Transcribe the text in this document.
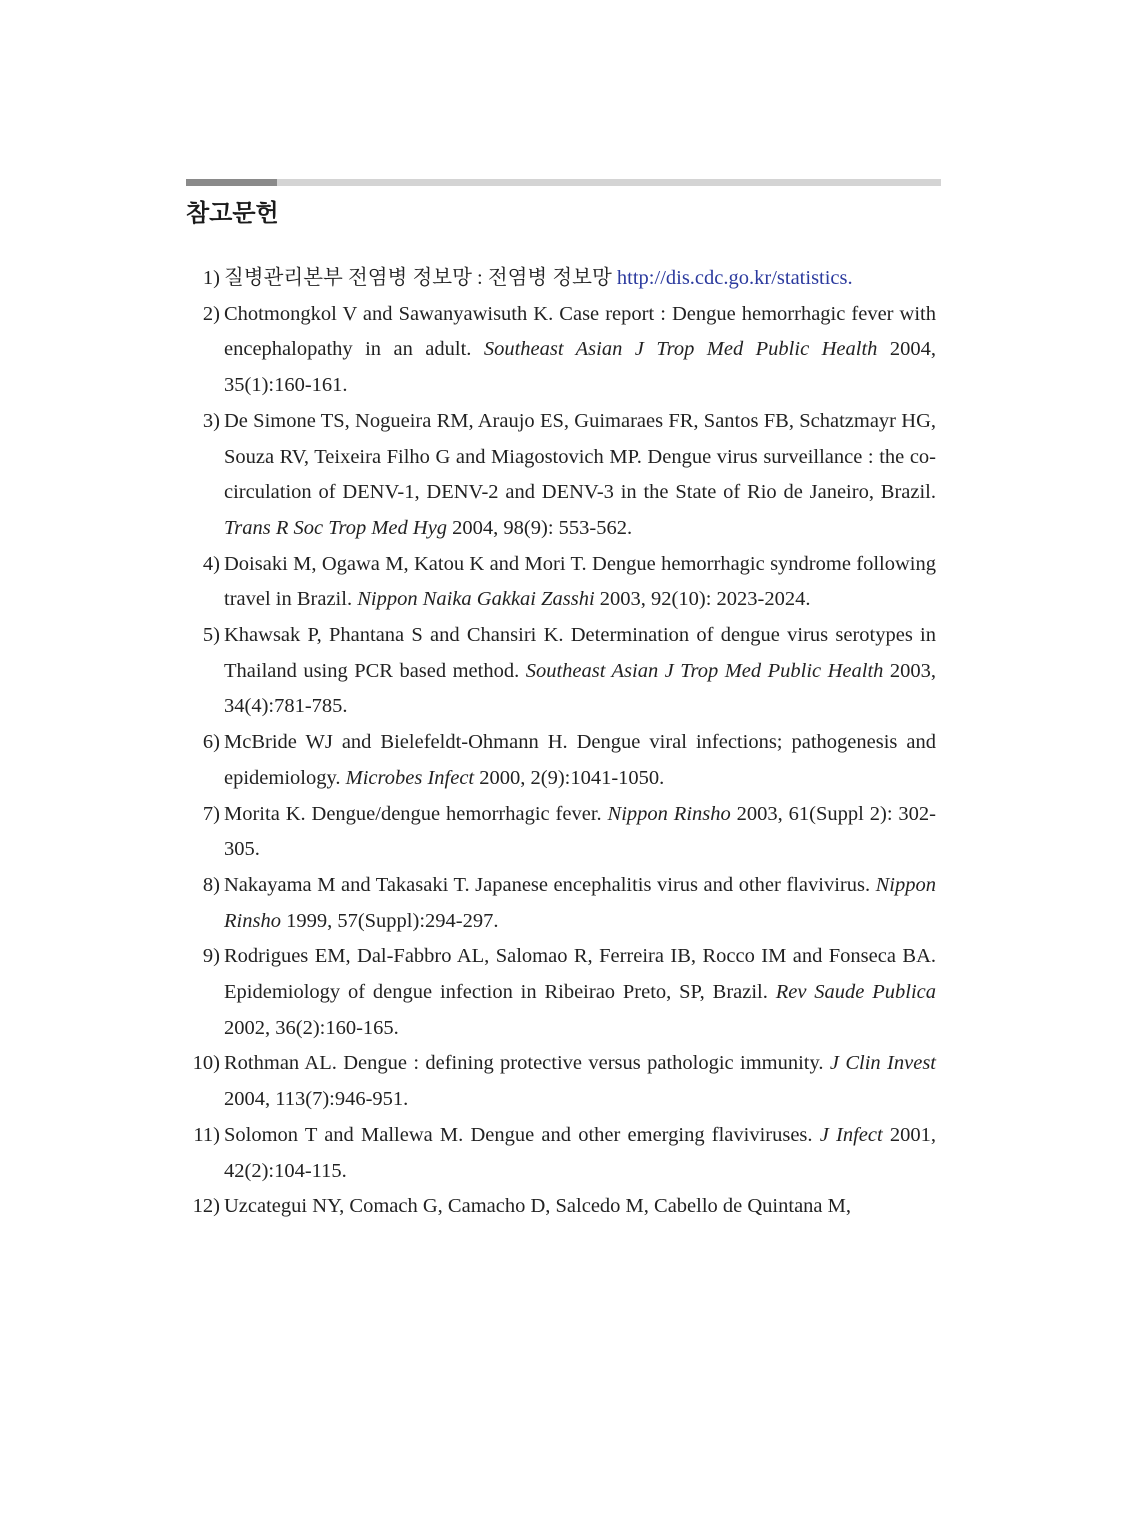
참고문헌
1) 질병관리본부 전염병 정보망 : 전염병 정보망 http://dis.cdc.go.kr/statistics.
2) Chotmongkol V and Sawanyawisuth K. Case report : Dengue hemorrhagic fever with encephalopathy in an adult. Southeast Asian J Trop Med Public Health 2004, 35(1):160-161.
3) De Simone TS, Nogueira RM, Araujo ES, Guimaraes FR, Santos FB, Schatzmayr HG, Souza RV, Teixeira Filho G and Miagostovich MP. Dengue virus surveillance : the co-circulation of DENV-1, DENV-2 and DENV-3 in the State of Rio de Janeiro, Brazil. Trans R Soc Trop Med Hyg 2004, 98(9): 553-562.
4) Doisaki M, Ogawa M, Katou K and Mori T. Dengue hemorrhagic syndrome following travel in Brazil. Nippon Naika Gakkai Zasshi 2003, 92(10): 2023-2024.
5) Khawsak P, Phantana S and Chansiri K. Determination of dengue virus serotypes in Thailand using PCR based method. Southeast Asian J Trop Med Public Health 2003, 34(4):781-785.
6) McBride WJ and Bielefeldt-Ohmann H. Dengue viral infections; pathogenesis and epidemiology. Microbes Infect 2000, 2(9):1041-1050.
7) Morita K. Dengue/dengue hemorrhagic fever. Nippon Rinsho 2003, 61(Suppl 2): 302-305.
8) Nakayama M and Takasaki T. Japanese encephalitis virus and other flavivirus. Nippon Rinsho 1999, 57(Suppl):294-297.
9) Rodrigues EM, Dal-Fabbro AL, Salomao R, Ferreira IB, Rocco IM and Fonseca BA. Epidemiology of dengue infection in Ribeirao Preto, SP, Brazil. Rev Saude Publica 2002, 36(2):160-165.
10) Rothman AL. Dengue : defining protective versus pathologic immunity. J Clin Invest 2004, 113(7):946-951.
11) Solomon T and Mallewa M. Dengue and other emerging flaviviruses. J Infect 2001, 42(2):104-115.
12) Uzcategui NY, Comach G, Camacho D, Salcedo M, Cabello de Quintana M,
